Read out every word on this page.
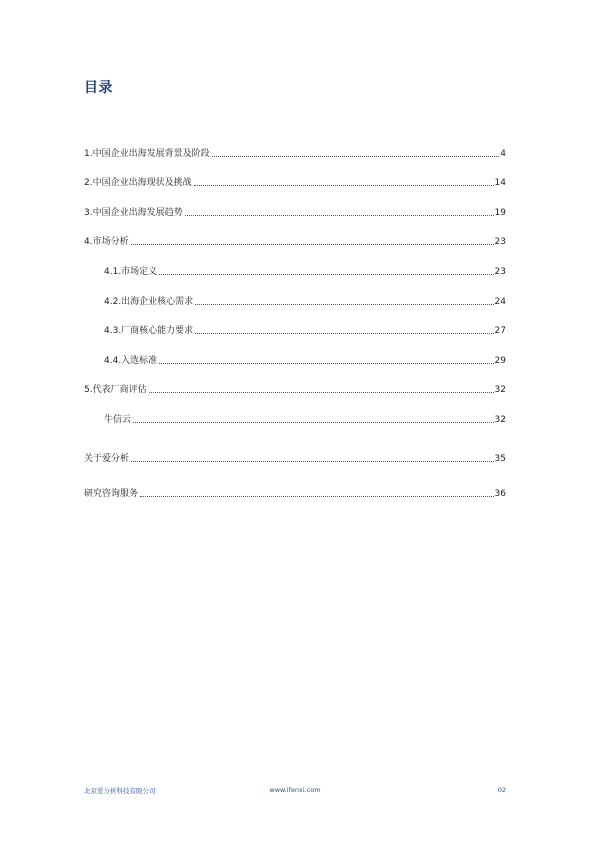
目录
1.中国企业出海发展背景及阶段	4
2.中国企业出海现状及挑战	14
3.中国企业出海发展趋势	19
4.市场分析	23
4.1.市场定义	23
4.2.出海企业核心需求	24
4.3.厂商核心能力要求	27
4.4.入选标准	29
5.代表厂商评估	32
牛信云	32
关于爱分析	35
研究咨询服务	36
北京爱分析科技有限公司	www.ifenxi.com	02
